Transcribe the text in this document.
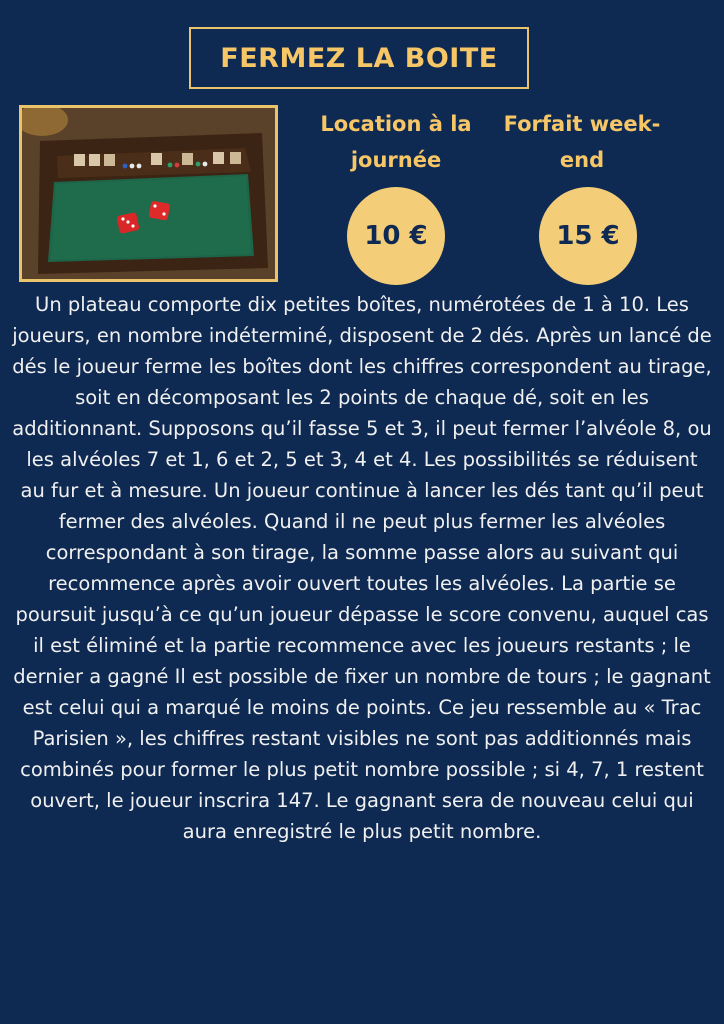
FERMEZ LA BOITE
Location à la journée
Forfait week-end
10 €	15 €

Un plateau comporte dix petites boîtes, numérotées de 1 à 10. Les joueurs, en nombre indéterminé, disposent de 2 dés. Après un lancé de dés le joueur ferme les boîtes dont les chiffres correspondent au tirage, soit en décomposant les 2 points de chaque dé, soit en les additionnant. Supposons qu’il fasse 5 et 3, il peut fermer l’alvéole 8, ou les alvéoles 7 et 1, 6 et 2, 5 et 3, 4 et 4. Les possibilités se réduisent au fur et à mesure. Un joueur continue à lancer les dés tant qu’il peut fermer des alvéoles. Quand il ne peut plus fermer les alvéoles correspondant à son tirage, la somme passe alors au suivant qui recommence après avoir ouvert toutes les alvéoles. La partie se poursuit jusqu’à ce qu’un joueur dépasse le score convenu, auquel cas il est éliminé et la partie recommence avec les joueurs restants ; le dernier a gagné Il est possible de fixer un nombre de tours ; le gagnant est celui qui a marqué le moins de points. Ce jeu ressemble au « Trac Parisien », les chiffres restant visibles ne sont pas additionnés mais combinés pour former le plus petit nombre possible ; si 4, 7, 1 restent ouvert, le joueur inscrira 147. Le gagnant sera de nouveau celui qui aura enregistré le plus petit nombre.
